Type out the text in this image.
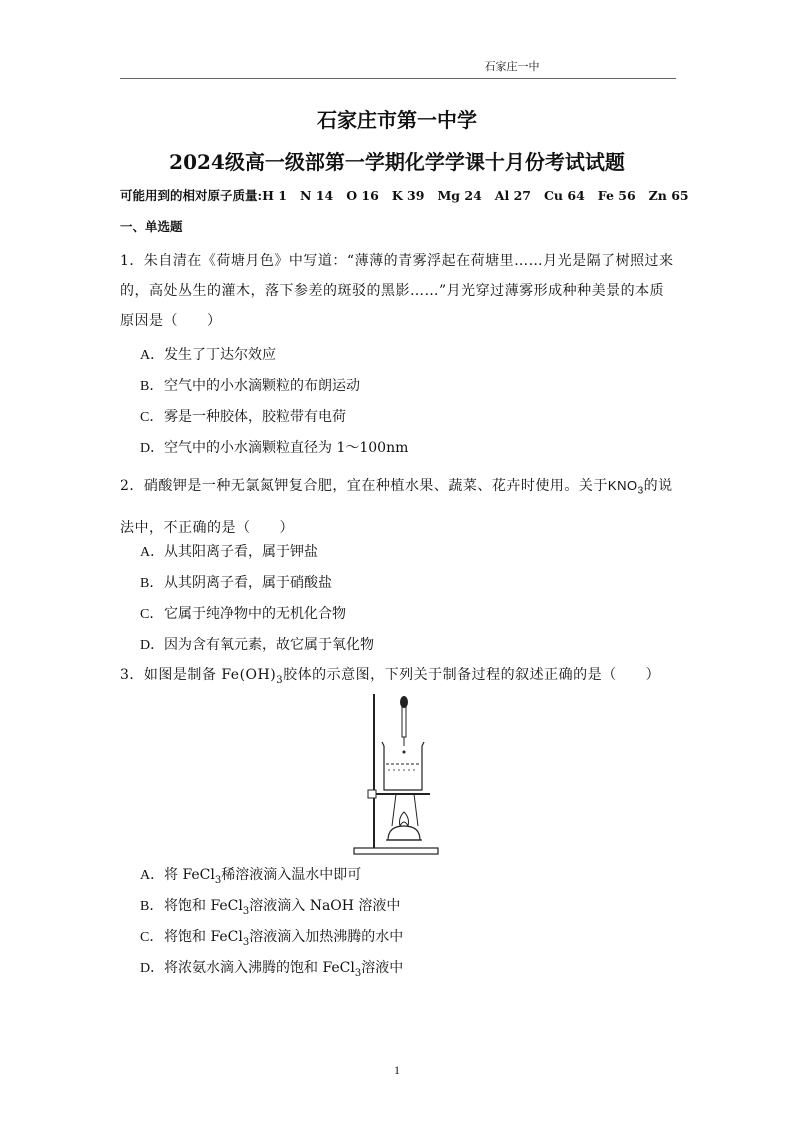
石家庄一中
石家庄市第一中学
2024级高一级部第一学期化学学课十月份考试试题
可能用到的相对原子质量:H 1 N 14 O 16 K 39 Mg 24 Al 27 Cu 64 Fe 56 Zn 65
一、单选题
1．朱自清在《荷塘月色》中写道：“薄薄的青雾浮起在荷塘里……月光是隔了树照过来的，高处丛生的灌木，落下参差的斑驳的黑影……”月光穿过薄雾形成种种美景的本质原因是（　　）
A．发生了丁达尔效应
B．空气中的小水滴颗粒的布朗运动
C．雾是一种胶体，胶粒带有电荷
D．空气中的小水滴颗粒直径为 1～100nm
2．硝酸钾是一种无氯氮钾复合肥，宜在种植水果、蔬菜、花卉时使用。关于$KNO_3$的说法中，不正确的是（　　）
A．从其阳离子看，属于钾盐
B．从其阴离子看，属于硝酸盐
C．它属于纯净物中的无机化合物
D．因为含有氧元素，故它属于氧化物
3．如图是制备 $Fe(OH)_3$胶体的示意图，下列关于制备过程的叙述正确的是（　　）
A．将 FeCl$_3$稀溶液滴入温水中即可
B．将饱和 FeCl$_3$溶液滴入 NaOH 溶液中
C．将饱和 FeCl$_3$溶液滴入加热沸腾的水中
D．将浓氨水滴入沸腾的饱和 FeCl$_3$溶液中
1
